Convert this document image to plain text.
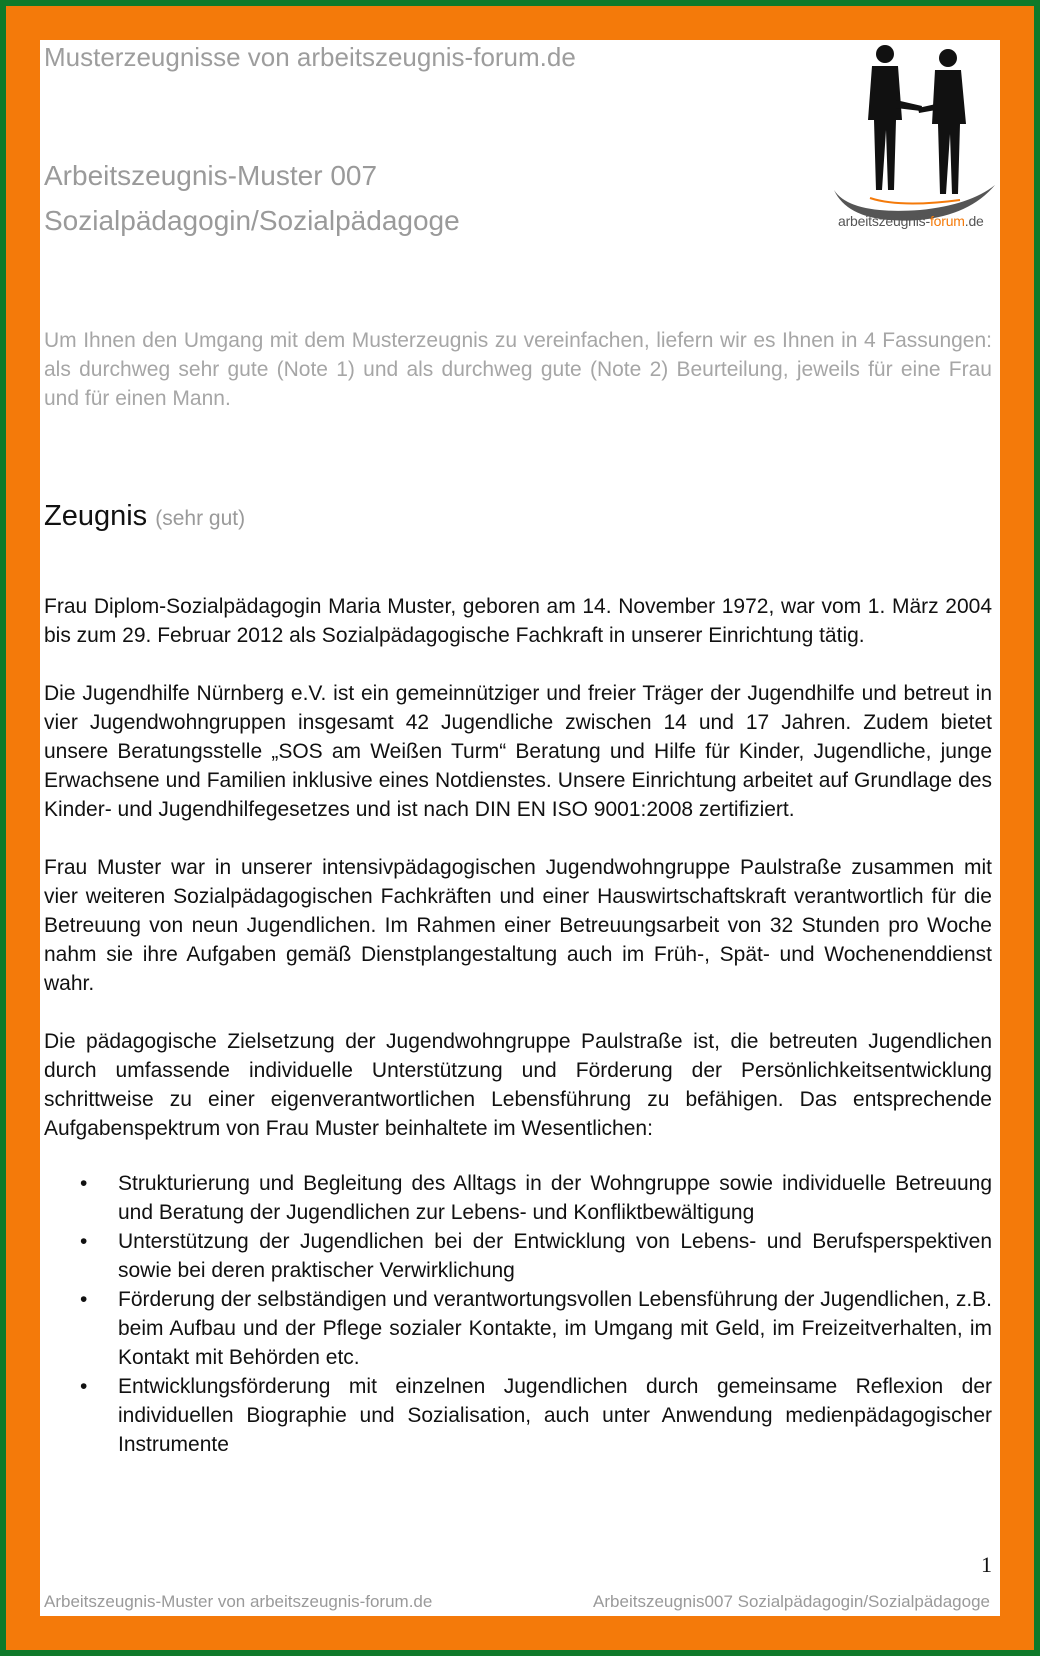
Musterzeugnisse von arbeitszeugnis-forum.de
Arbeitszeugnis-Muster 007
Sozialpädagogin/Sozialpädagoge	arbeitszeugnis-forum.de
Um Ihnen den Umgang mit dem Musterzeugnis zu vereinfachen, liefern wir es Ihnen in 4 Fassungen: als durchweg sehr gute (Note 1) und als durchweg gute (Note 2) Beurteilung, jeweils für eine Frau und für einen Mann.
Zeugnis (sehr gut)

Frau Diplom-Sozialpädagogin Maria Muster, geboren am 14. November 1972, war vom 1. März 2004 bis zum 29. Februar 2012 als Sozialpädagogische Fachkraft in unserer Einrichtung tätig.

Die Jugendhilfe Nürnberg e.V. ist ein gemeinnütziger und freier Träger der Jugendhilfe und betreut in vier Jugendwohngruppen insgesamt 42 Jugendliche zwischen 14 und 17 Jahren. Zudem bietet unsere Beratungsstelle „SOS am Weißen Turm“ Beratung und Hilfe für Kinder, Jugendliche, junge Erwachsene und Familien inklusive eines Notdienstes. Unsere Einrichtung arbeitet auf Grundlage des Kinder- und Jugendhilfegesetzes und ist nach DIN EN ISO 9001:2008 zertifiziert.

Frau Muster war in unserer intensivpädagogischen Jugendwohngruppe Paulstraße zusammen mit vier weiteren Sozialpädagogischen Fachkräften und einer Hauswirtschaftskraft verantwortlich für die Betreuung von neun Jugendlichen. Im Rahmen einer Betreuungsarbeit von 32 Stunden pro Woche nahm sie ihre Aufgaben gemäß Dienstplangestaltung auch im Früh-, Spät- und Wochenenddienst wahr.

Die pädagogische Zielsetzung der Jugendwohngruppe Paulstraße ist, die betreuten Jugendlichen durch umfassende individuelle Unterstützung und Förderung der Persönlichkeitsentwicklung schrittweise zu einer eigenverantwortlichen Lebensführung zu befähigen. Das entsprechende Aufgabenspektrum von Frau Muster beinhaltete im Wesentlichen:

• Strukturierung und Begleitung des Alltags in der Wohngruppe sowie individuelle Betreuung und Beratung der Jugendlichen zur Lebens- und Konfliktbewältigung
• Unterstützung der Jugendlichen bei der Entwicklung von Lebens- und Berufsperspektiven sowie bei deren praktischer Verwirklichung
• Förderung der selbständigen und verantwortungsvollen Lebensführung der Jugendlichen, z.B. beim Aufbau und der Pflege sozialer Kontakte, im Umgang mit Geld, im Freizeitverhalten, im Kontakt mit Behörden etc.
• Entwicklungsförderung mit einzelnen Jugendlichen durch gemeinsame Reflexion der individuellen Biographie und Sozialisation, auch unter Anwendung medienpädagogischer Instrumente
1
Arbeitszeugnis-Muster von arbeitszeugnis-forum.de	Arbeitszeugnis007 Sozialpädagogin/Sozialpädagoge
